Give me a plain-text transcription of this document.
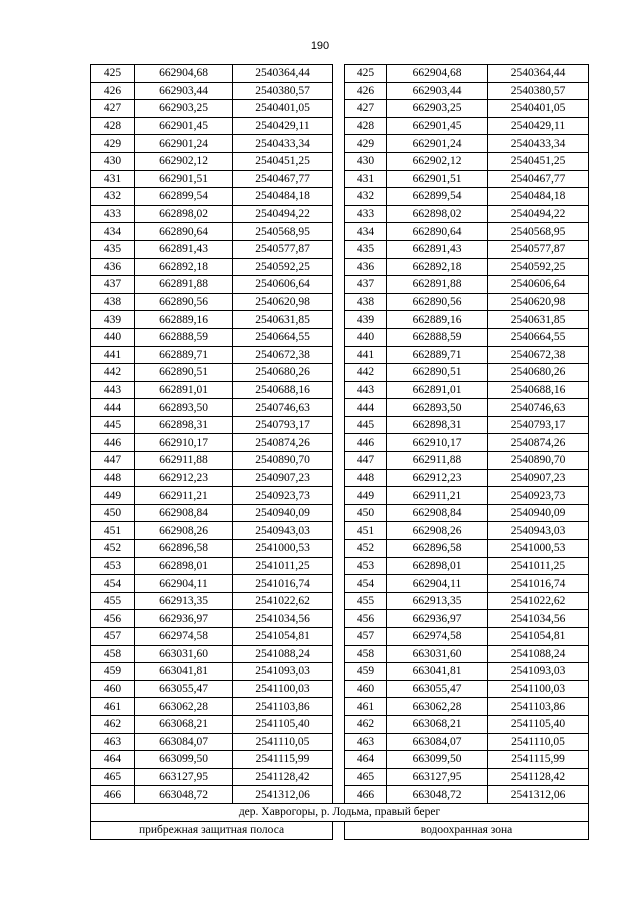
190
425	662904,68	2540364,44		425	662904,68	2540364,44
426	662903,44	2540380,57		426	662903,44	2540380,57
427	662903,25	2540401,05		427	662903,25	2540401,05
428	662901,45	2540429,11		428	662901,45	2540429,11
429	662901,24	2540433,34		429	662901,24	2540433,34
430	662902,12	2540451,25		430	662902,12	2540451,25
431	662901,51	2540467,77		431	662901,51	2540467,77
432	662899,54	2540484,18		432	662899,54	2540484,18
433	662898,02	2540494,22		433	662898,02	2540494,22
434	662890,64	2540568,95		434	662890,64	2540568,95
435	662891,43	2540577,87		435	662891,43	2540577,87
436	662892,18	2540592,25		436	662892,18	2540592,25
437	662891,88	2540606,64		437	662891,88	2540606,64
438	662890,56	2540620,98		438	662890,56	2540620,98
439	662889,16	2540631,85		439	662889,16	2540631,85
440	662888,59	2540664,55		440	662888,59	2540664,55
441	662889,71	2540672,38		441	662889,71	2540672,38
442	662890,51	2540680,26		442	662890,51	2540680,26
443	662891,01	2540688,16		443	662891,01	2540688,16
444	662893,50	2540746,63		444	662893,50	2540746,63
445	662898,31	2540793,17		445	662898,31	2540793,17
446	662910,17	2540874,26		446	662910,17	2540874,26
447	662911,88	2540890,70		447	662911,88	2540890,70
448	662912,23	2540907,23		448	662912,23	2540907,23
449	662911,21	2540923,73		449	662911,21	2540923,73
450	662908,84	2540940,09		450	662908,84	2540940,09
451	662908,26	2540943,03		451	662908,26	2540943,03
452	662896,58	2541000,53		452	662896,58	2541000,53
453	662898,01	2541011,25		453	662898,01	2541011,25
454	662904,11	2541016,74		454	662904,11	2541016,74
455	662913,35	2541022,62		455	662913,35	2541022,62
456	662936,97	2541034,56		456	662936,97	2541034,56
457	662974,58	2541054,81		457	662974,58	2541054,81
458	663031,60	2541088,24		458	663031,60	2541088,24
459	663041,81	2541093,03		459	663041,81	2541093,03
460	663055,47	2541100,03		460	663055,47	2541100,03
461	663062,28	2541103,86		461	663062,28	2541103,86
462	663068,21	2541105,40		462	663068,21	2541105,40
463	663084,07	2541110,05		463	663084,07	2541110,05
464	663099,50	2541115,99		464	663099,50	2541115,99
465	663127,95	2541128,42		465	663127,95	2541128,42
466	663048,72	2541312,06		466	663048,72	2541312,06
дер. Хаврогоры, р. Лодьма, правый берег						
прибрежная защитная полоса				водоохранная зона		
